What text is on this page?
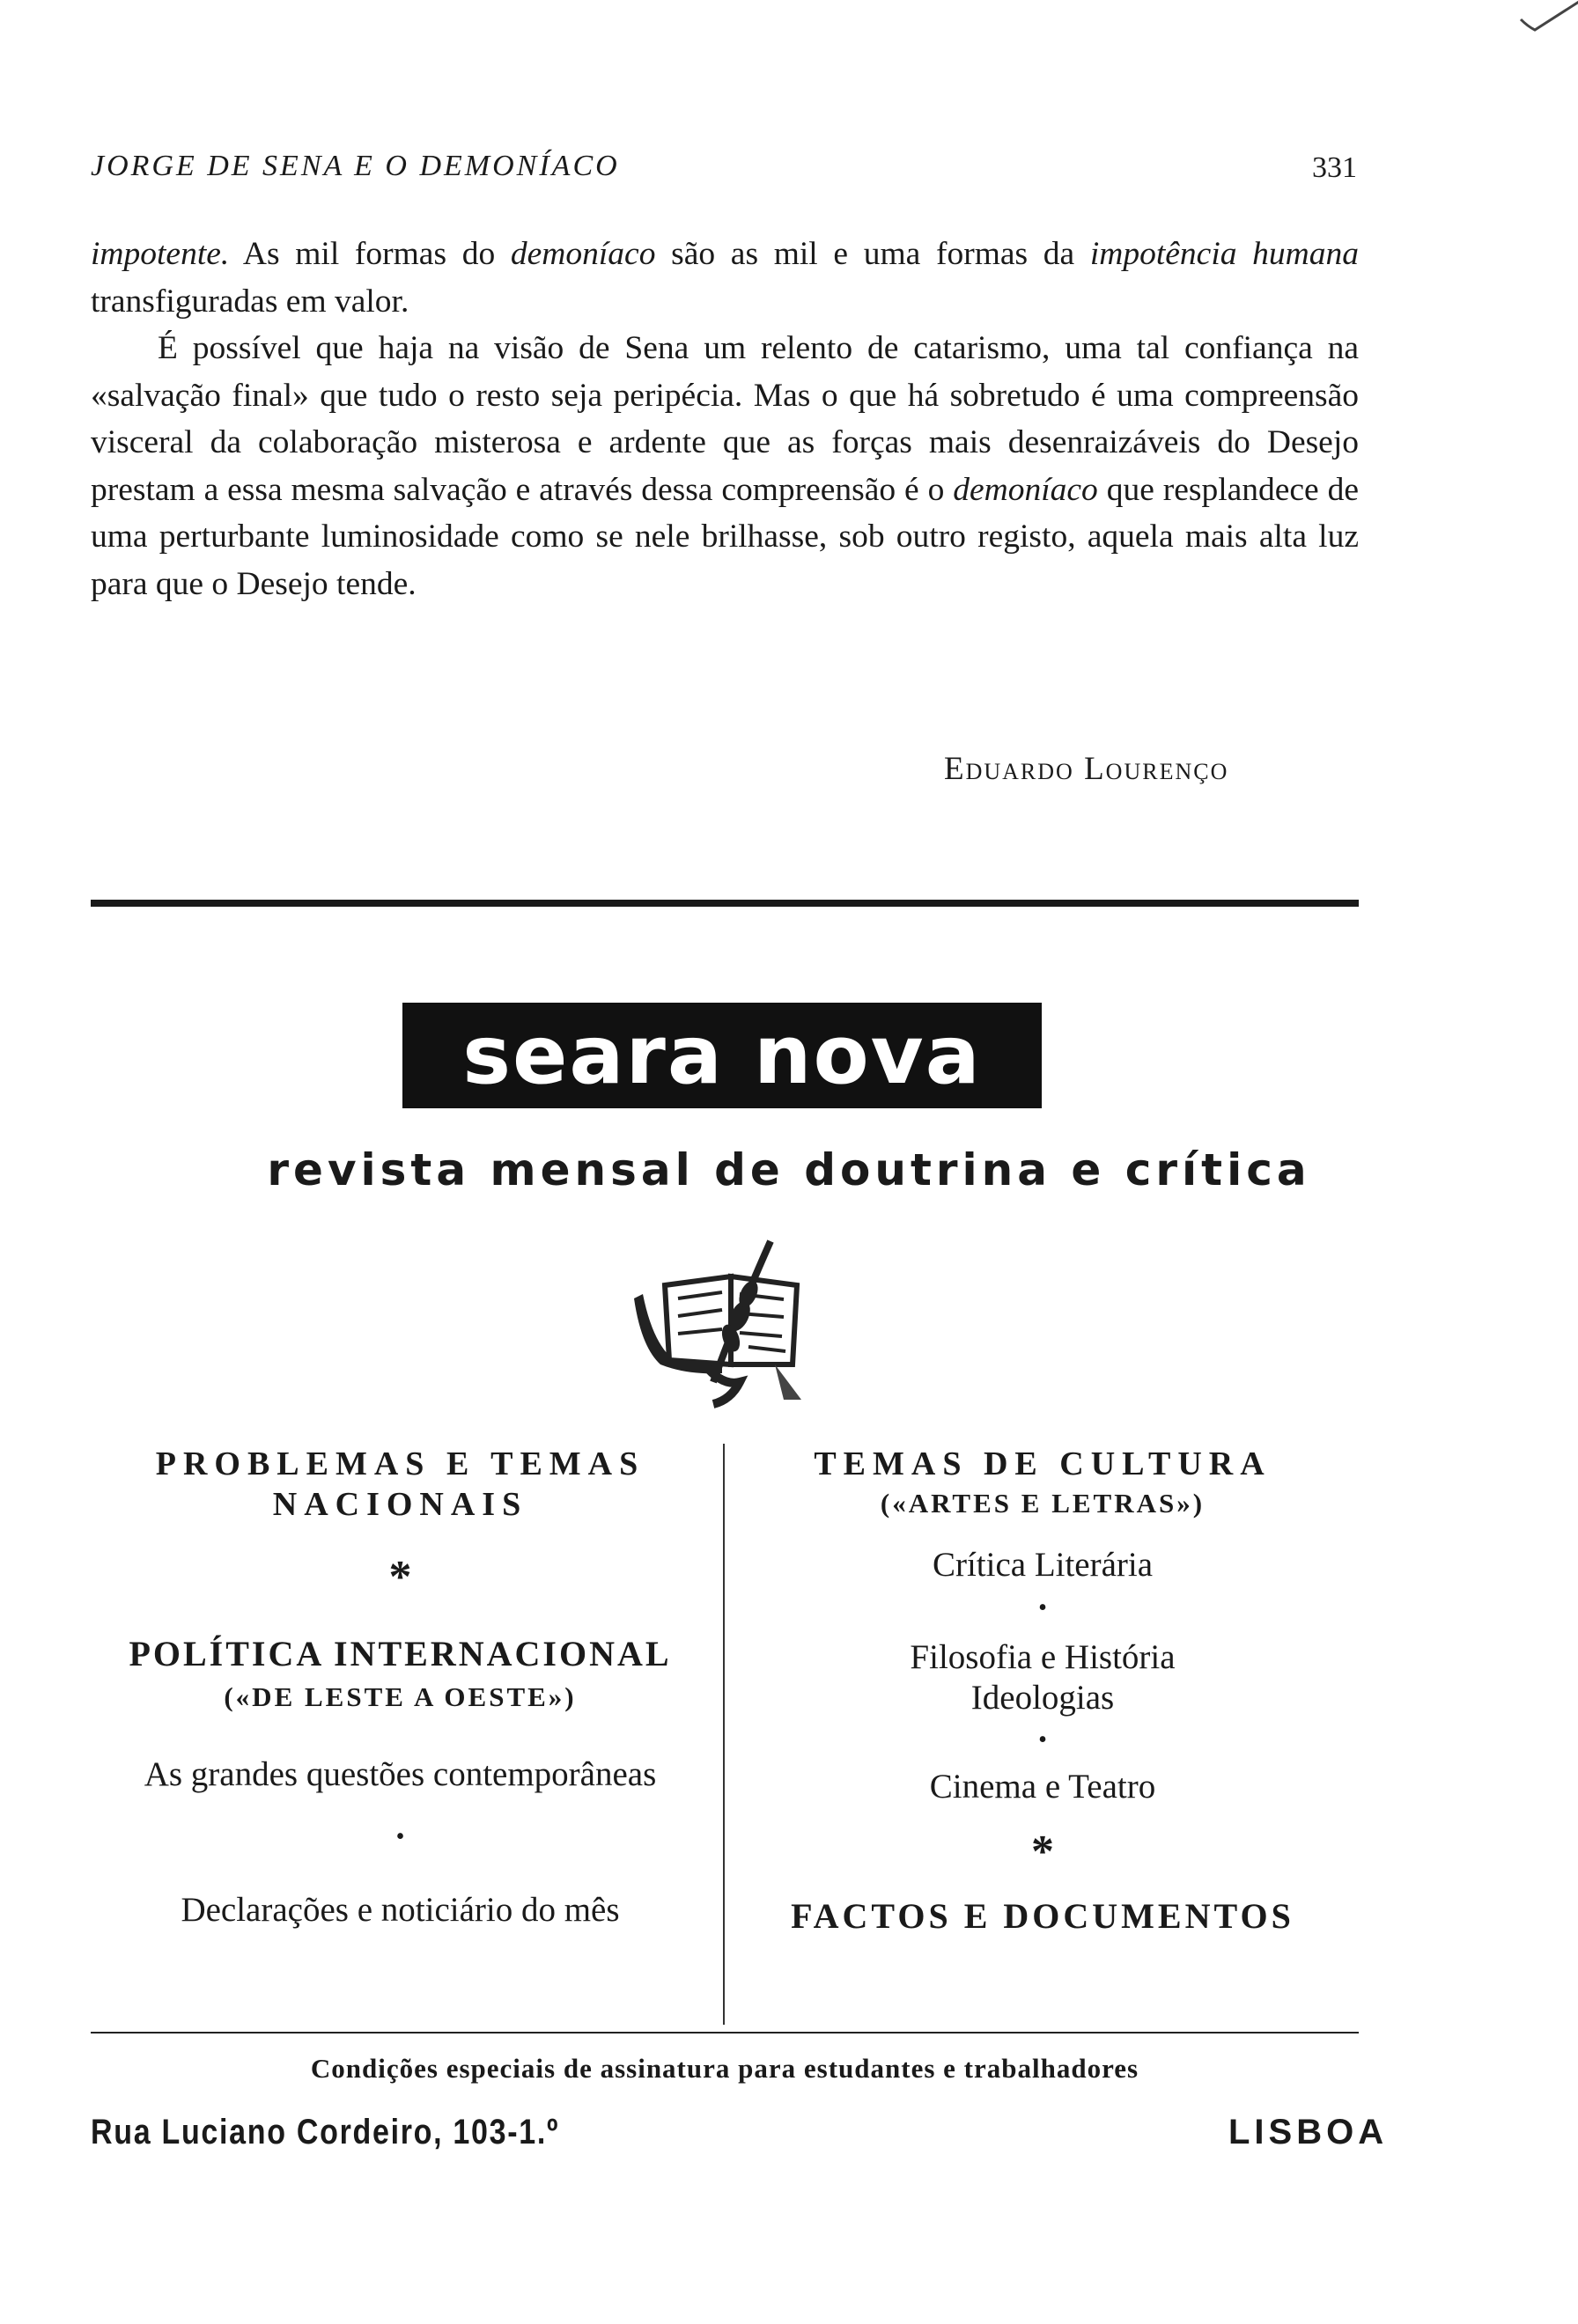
JORGE DE SENA E O DEMONÍACO	331

impotente. As mil formas do demoníaco são as mil e uma formas da impotência humana transfiguradas em valor.

É possível que haja na visão de Sena um relento de catarismo, uma tal confiança na «salvação final» que tudo o resto seja peripécia. Mas o que há sobretudo é uma compreensão visceral da colaboração misterosa e ardente que as forças mais desenraizáveis do Desejo prestam a essa mesma salvação e através dessa compreensão é o demoníaco que resplandece de uma perturbante luminosidade como se nele brilhasse, sob outro registo, aquela mais alta luz para que o Desejo tende.

Eduardo Lourenço
seara nova
revista mensal de doutrina e crítica
PROBLEMAS E TEMAS
NACIONAIS
*
POLÍTICA INTERNACIONAL
(«DE LESTE A OESTE»)
As grandes questões contemporâneas
•
Declarações e noticiário do mês
TEMAS DE CULTURA
(«ARTES E LETRAS»)
Crítica Literária
•
Filosofia e História
Ideologias
•
Cinema e Teatro
*
FACTOS E DOCUMENTOS
Condições especiais de assinatura para estudantes e trabalhadores
Rua Luciano Cordeiro, 103-1.º	LISBOA
